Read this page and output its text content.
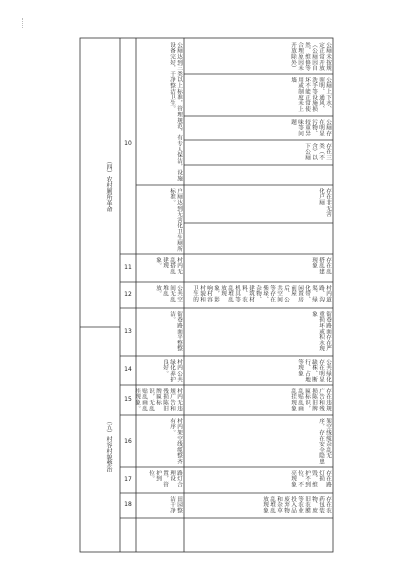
（四）农村厕所革命
（五）村容村貌整治
10
11
12
13
14
15
16
17
18
公厕达到三类以上标准，管理规范，有专人保洁，设施设备完好，干净整洁卫生。
户厕达到无害化卫生厕所标准。
村内无乱搭乱建现象。
公共空间无乱堆乱放。
街巷路面平整整洁。
村内公共绿化养护良好。
村内无违规广告和残损陈旧牌匾标识，无乱贴乱画乱挂现象。
村内架空线缆整齐有序。
路灯合理设置，管护到位。
田园整洁干净
公厕未按规定正常开放（公厕因自然、维修等合理原因未开放除外）
公厕上下水、照明、通风、洗手等设施损坏不能正常使用或制度未上墙
公厕存在明显污物、较重异味等问题
存在三类（不含）以下公厕
存在非无害化户厕
存在乱搭乱建现象
村内道路、沟渠、绿化带、闲置房前屋后、公共空间等存在柴垛、杂物、建筑材料、农机具等乱堆乱放现象，影响村容村貌和卫生的
街巷路面存在严重损坏或积水现象
公共绿化存在明显缺株、断行、占地等现象
存在违规广告和残损陈旧牌匾标识，乱贴乱画乱挂现象
架空线缆杂乱无序，存在安全隐患
存在路灯损毁、维护不到位、不亮现象
存在农药包装物、废旧农膜等农业投入品废弃物和杂草乱堆乱放现象
